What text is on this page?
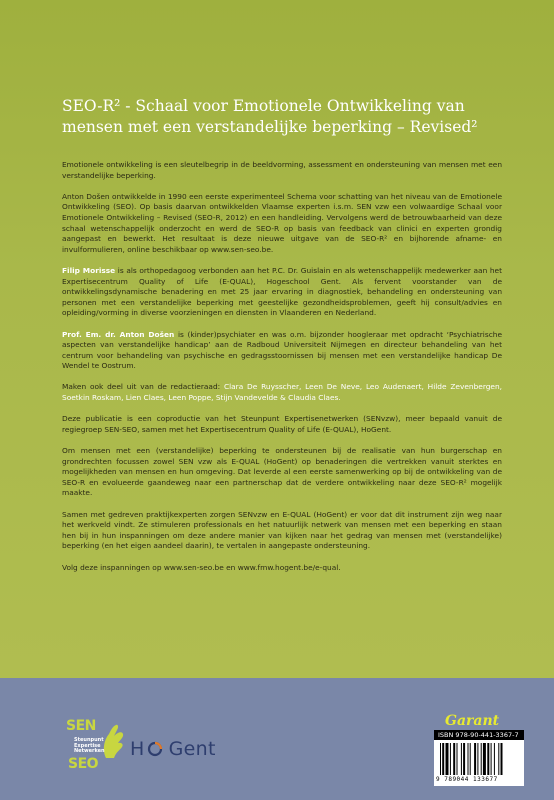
SEO-R² - Schaal voor Emotionele Ontwikkeling van
mensen met een verstandelijke beperking – Revised²

Emotionele ontwikkeling is een sleutelbegrip in de beeldvorming, assessment en ondersteuning van mensen met een verstandelijke beperking.

Anton Došen ontwikkelde in 1990 een eerste experimenteel Schema voor schatting van het niveau van de Emotionele Ontwikkeling (SEO). Op basis daarvan ontwikkelden Vlaamse experten i.s.m. SEN vzw een volwaardige Schaal voor Emotionele Ontwikkeling – Revised (SEO-R, 2012) en een handleiding. Vervolgens werd de betrouwbaarheid van deze schaal wetenschappelijk onderzocht en werd de SEO-R op basis van feedback van clinici en experten grondig aangepast en bewerkt. Het resultaat is deze nieuwe uitgave van de SEO-R² en bijhorende afname- en invulformulieren, online beschikbaar op www.sen-seo.be.

Filip Morisse is als orthopedagoog verbonden aan het P.C. Dr. Guislain en als wetenschappelijk medewerker aan het Expertisecentrum Quality of Life (E-QUAL), Hogeschool Gent. Als fervent voorstander van de ontwikkelingsdynamische benadering en met 25 jaar ervaring in diagnostiek, behandeling en ondersteuning van personen met een verstandelijke beperking met geestelijke gezondheidsproblemen, geeft hij consult/advies en opleiding/vorming in diverse voorzieningen en diensten in Vlaanderen en Nederland.

Prof. Em. dr. Anton Došen is (kinder)psychiater en was o.m. bijzonder hoogleraar met opdracht ‘Psychiatrische aspecten van verstandelijke handicap’ aan de Radboud Universiteit Nijmegen en directeur behandeling van het centrum voor behandeling van psychische en gedragsstoornissen bij mensen met een verstandelijke handicap De Wendel te Oostrum.

Maken ook deel uit van de redactieraad: Clara De Ruysscher, Leen De Neve, Leo Audenaert, Hilde Zevenbergen, Soetkin Roskam, Lien Claes, Leen Poppe, Stijn Vandevelde & Claudia Claes.

Deze publicatie is een coproductie van het Steunpunt Expertisenetwerken (SENvzw), meer bepaald vanuit de regiegroep SEN-SEO, samen met het Expertisecentrum Quality of Life (E-QUAL), HoGent.

Om mensen met een (verstandelijke) beperking te ondersteunen bij de realisatie van hun burgerschap en grondrechten focussen zowel SEN vzw als E-QUAL (HoGent) op benaderingen die vertrekken vanuit sterktes en mogelijkheden van mensen en hun omgeving. Dat leverde al een eerste samenwerking op bij de ontwikkeling van de SEO-R en evolueerde gaandeweg naar een partnerschap dat de verdere ontwikkeling naar deze SEO-R² mogelijk maakte.

Samen met gedreven praktijkexperten zorgen SENvzw en E-QUAL (HoGent) er voor dat dit instrument zijn weg naar het werkveld vindt. Ze stimuleren professionals en het natuurlijk netwerk van mensen met een beperking en staan hen bij in hun inspanningen om deze andere manier van kijken naar het gedrag van mensen met (verstandelijke) beperking (en het eigen aandeel daarin), te vertalen in aangepaste ondersteuning.

Volg deze inspanningen op www.sen-seo.be en www.fmw.hogent.be/e-qual.

SEN
Steunpunt
Expertise
Netwerken
SEO
H Gent
Garant
ISBN 978-90-441-3367-7
9 789044 133677
